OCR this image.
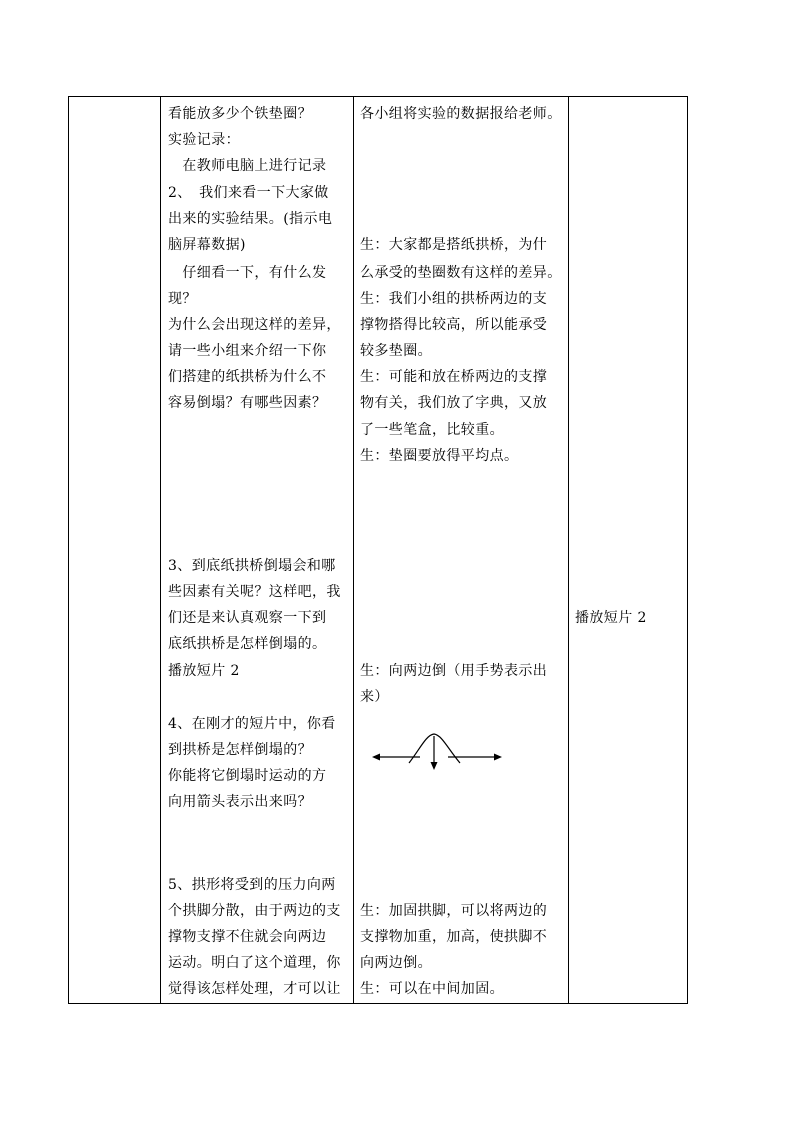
看能放多少个铁垫圈？
实验记录：
　在教师电脑上进行记录
2、　我们来看一下大家做
出来的实验结果。(指示电
脑屏幕数据)
　仔细看一下，有什么发
现？
为什么会出现这样的差异，
请一些小组来介绍一下你
们搭建的纸拱桥为什么不
容易倒塌？有哪些因素？
3、到底纸拱桥倒塌会和哪
些因素有关呢？这样吧，我
们还是来认真观察一下到
底纸拱桥是怎样倒塌的。
播放短片 2
4、在刚才的短片中，你看
到拱桥是怎样倒塌的？
你能将它倒塌时运动的方
向用箭头表示出来吗？
5、拱形将受到的压力向两
个拱脚分散，由于两边的支
撑物支撑不住就会向两边
运动。明白了这个道理，你
觉得该怎样处理，才可以让
各小组将实验的数据报给老师。
生：大家都是搭纸拱桥，为什
么承受的垫圈数有这样的差异。
生：我们小组的拱桥两边的支
撑物搭得比较高，所以能承受
较多垫圈。
生：可能和放在桥两边的支撑
物有关，我们放了字典，又放
了一些笔盒，比较重。
生：垫圈要放得平均点。
生：向两边倒（用手势表示出
来）
生：加固拱脚，可以将两边的
支撑物加重，加高，使拱脚不
向两边倒。
生：可以在中间加固。
播放短片 2
